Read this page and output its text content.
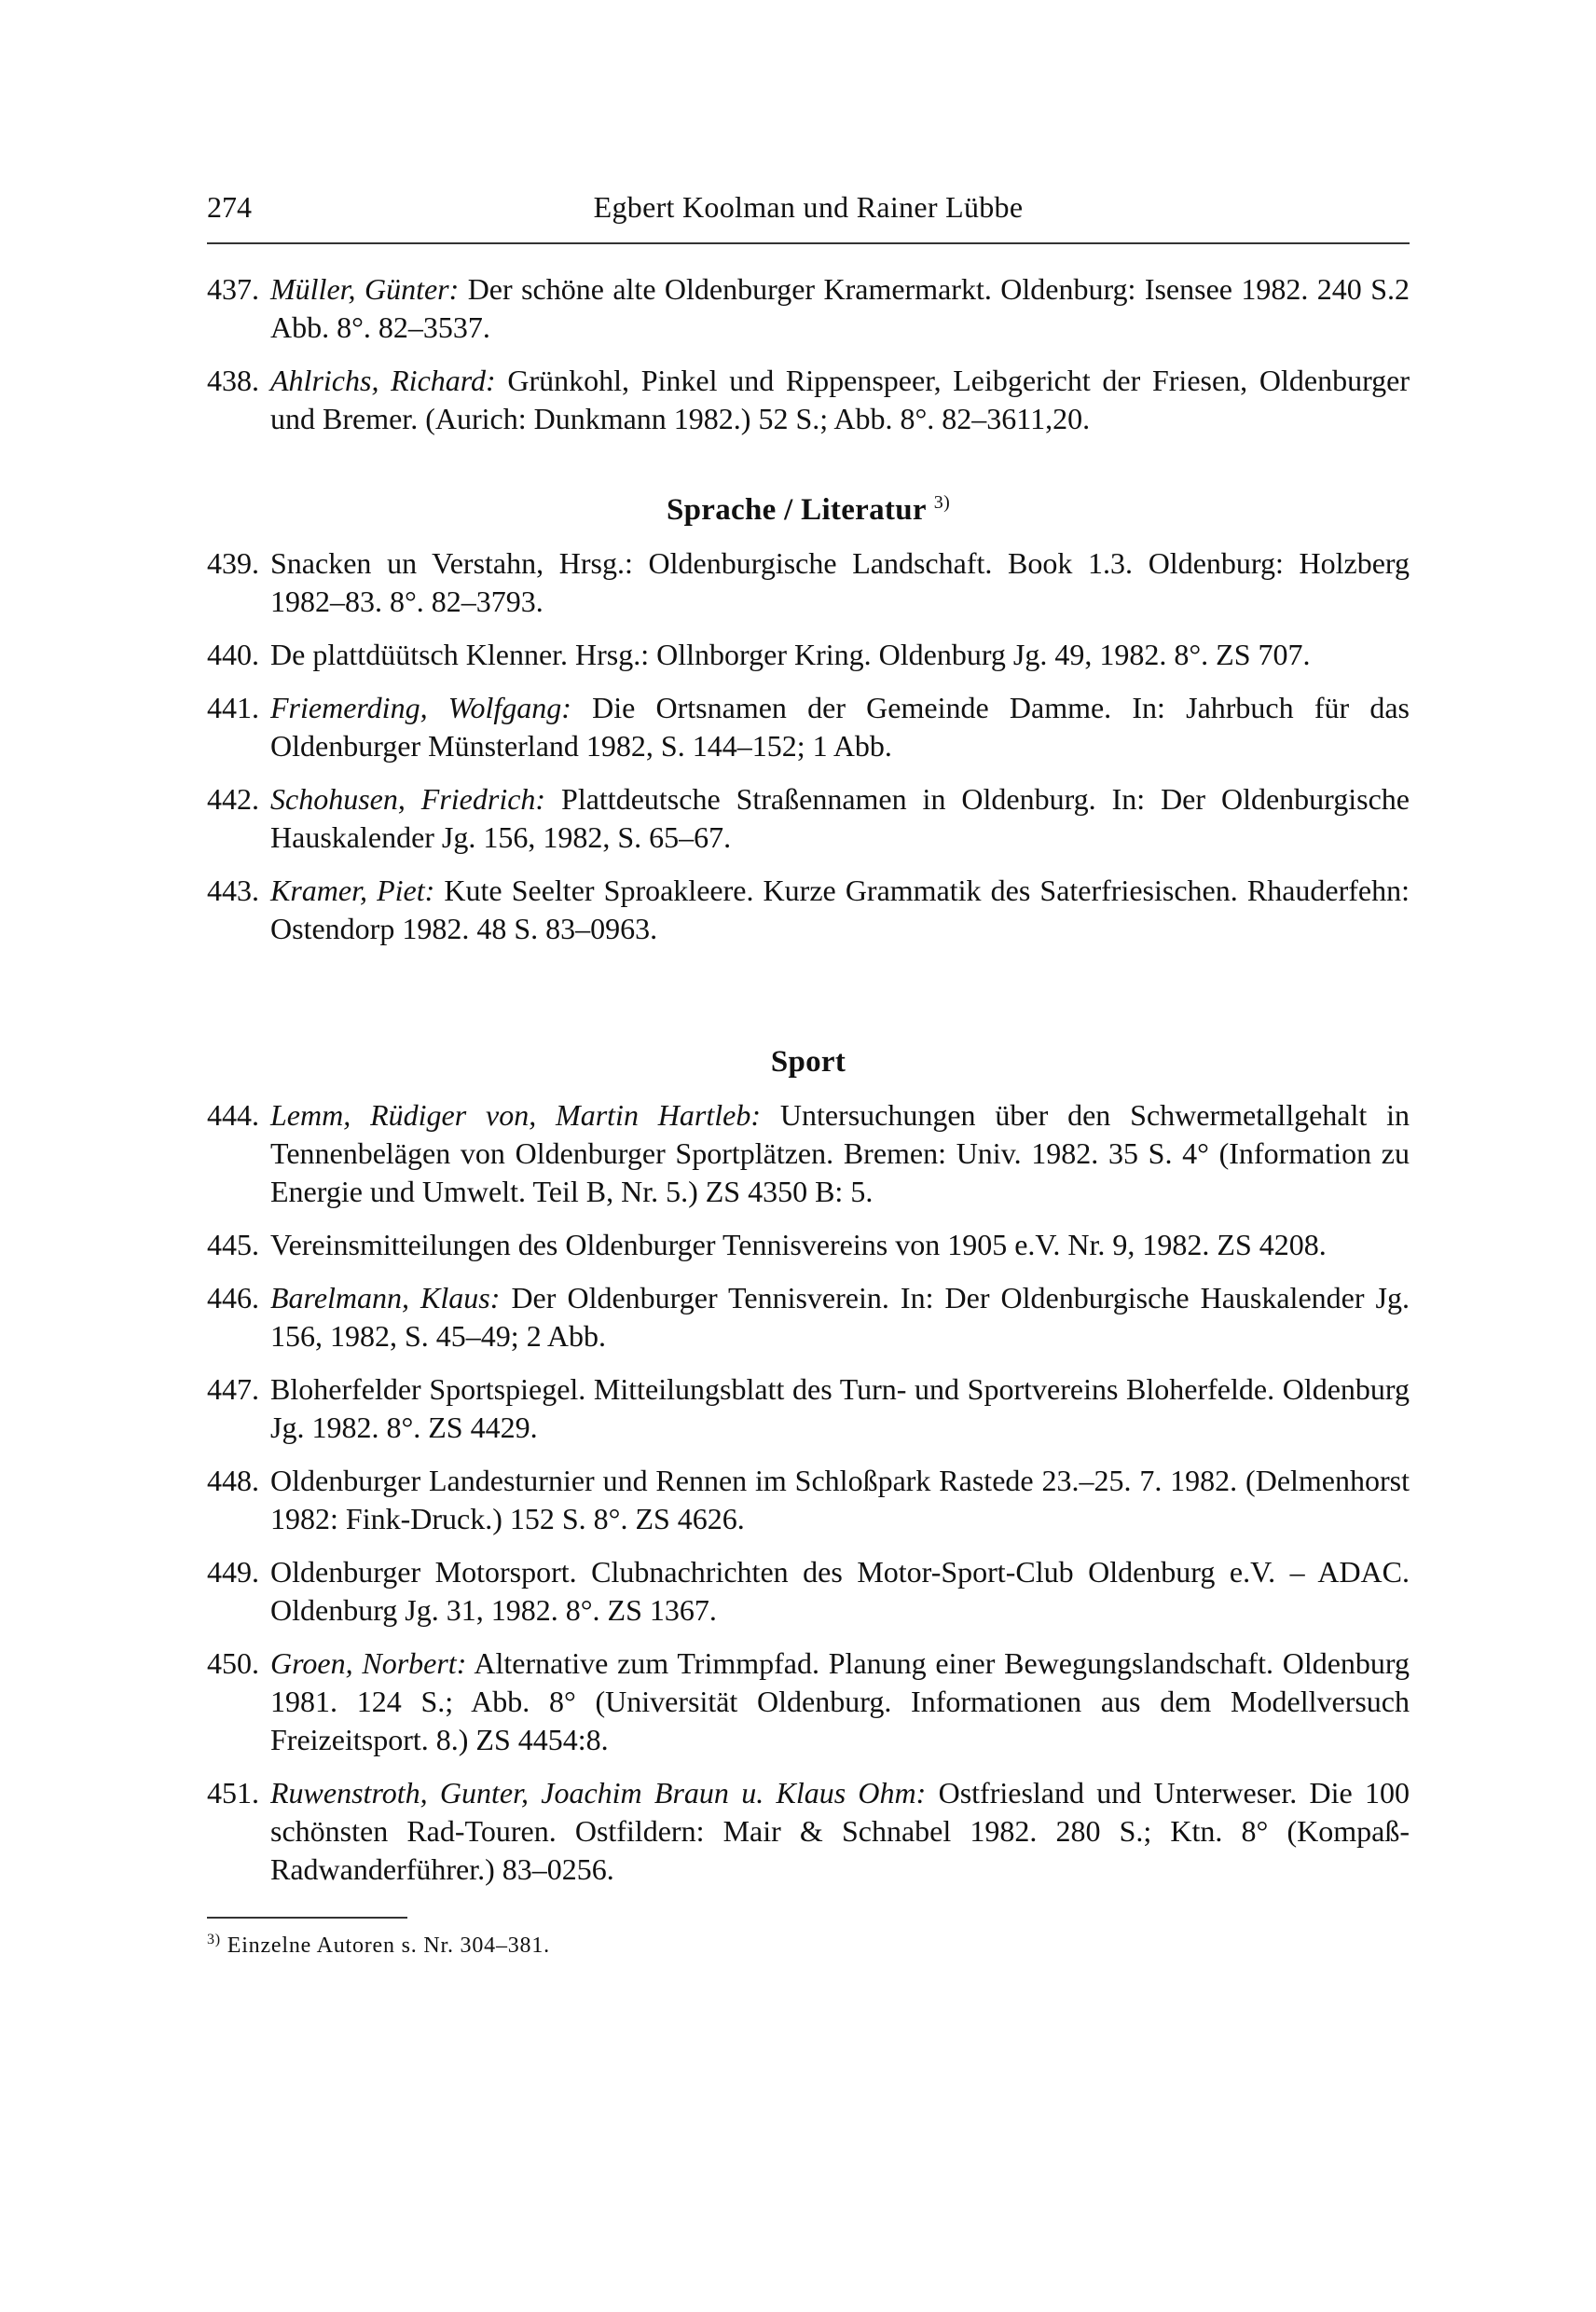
274	Egbert Koolman und Rainer Lübbe
437. Müller, Günter: Der schöne alte Oldenburger Kramermarkt. Oldenburg: Isensee 1982. 240 S.2 Abb. 8°. 82–3537.
438. Ahlrichs, Richard: Grünkohl, Pinkel und Rippenspeer, Leibgericht der Friesen, Oldenburger und Bremer. (Aurich: Dunkmann 1982.) 52 S.; Abb. 8°. 82–3611,20.
Sprache / Literatur $^{3)}$
439. Snacken un Verstahn, Hrsg.: Oldenburgische Landschaft. Book 1.3. Oldenburg: Holzberg 1982–83. 8°. 82–3793.
440. De plattdüütsch Klenner. Hrsg.: Ollnborger Kring. Oldenburg Jg. 49, 1982. 8°. ZS 707.
441. Friemerding, Wolfgang: Die Ortsnamen der Gemeinde Damme. In: Jahrbuch für das Oldenburger Münsterland 1982, S. 144–152; 1 Abb.
442. Schohusen, Friedrich: Plattdeutsche Straßennamen in Oldenburg. In: Der Oldenburgische Hauskalender Jg. 156, 1982, S. 65–67.
443. Kramer, Piet: Kute Seelter Sproakleere. Kurze Grammatik des Saterfriesischen. Rhauderfehn: Ostendorp 1982. 48 S. 83–0963.
Sport
444. Lemm, Rüdiger von, Martin Hartleb: Untersuchungen über den Schwermetallgehalt in Tennenbelägen von Oldenburger Sportplätzen. Bremen: Univ. 1982. 35 S. 4° (Information zu Energie und Umwelt. Teil B, Nr. 5.) ZS 4350 B: 5.
445. Vereinsmitteilungen des Oldenburger Tennisvereins von 1905 e.V. Nr. 9, 1982. ZS 4208.
446. Barelmann, Klaus: Der Oldenburger Tennisverein. In: Der Oldenburgische Hauskalender Jg. 156, 1982, S. 45–49; 2 Abb.
447. Bloherfelder Sportspiegel. Mitteilungsblatt des Turn- und Sportvereins Bloherfelde. Oldenburg Jg. 1982. 8°. ZS 4429.
448. Oldenburger Landesturnier und Rennen im Schloßpark Rastede 23.–25. 7. 1982. (Delmenhorst 1982: Fink-Druck.) 152 S. 8°. ZS 4626.
449. Oldenburger Motorsport. Clubnachrichten des Motor-Sport-Club Oldenburg e.V. – ADAC. Oldenburg Jg. 31, 1982. 8°. ZS 1367.
450. Groen, Norbert: Alternative zum Trimmpfad. Planung einer Bewegungslandschaft. Oldenburg 1981. 124 S.; Abb. 8° (Universität Oldenburg. Informationen aus dem Modellversuch Freizeitsport. 8.) ZS 4454:8.
451. Ruwenstroth, Gunter, Joachim Braun u. Klaus Ohm: Ostfriesland und Unterweser. Die 100 schönsten Rad-Touren. Ostfildern: Mair & Schnabel 1982. 280 S.; Ktn. 8° (Kompaß-Radwanderführer.) 83–0256.
$^{3)}$ Einzelne Autoren s. Nr. 304–381.
